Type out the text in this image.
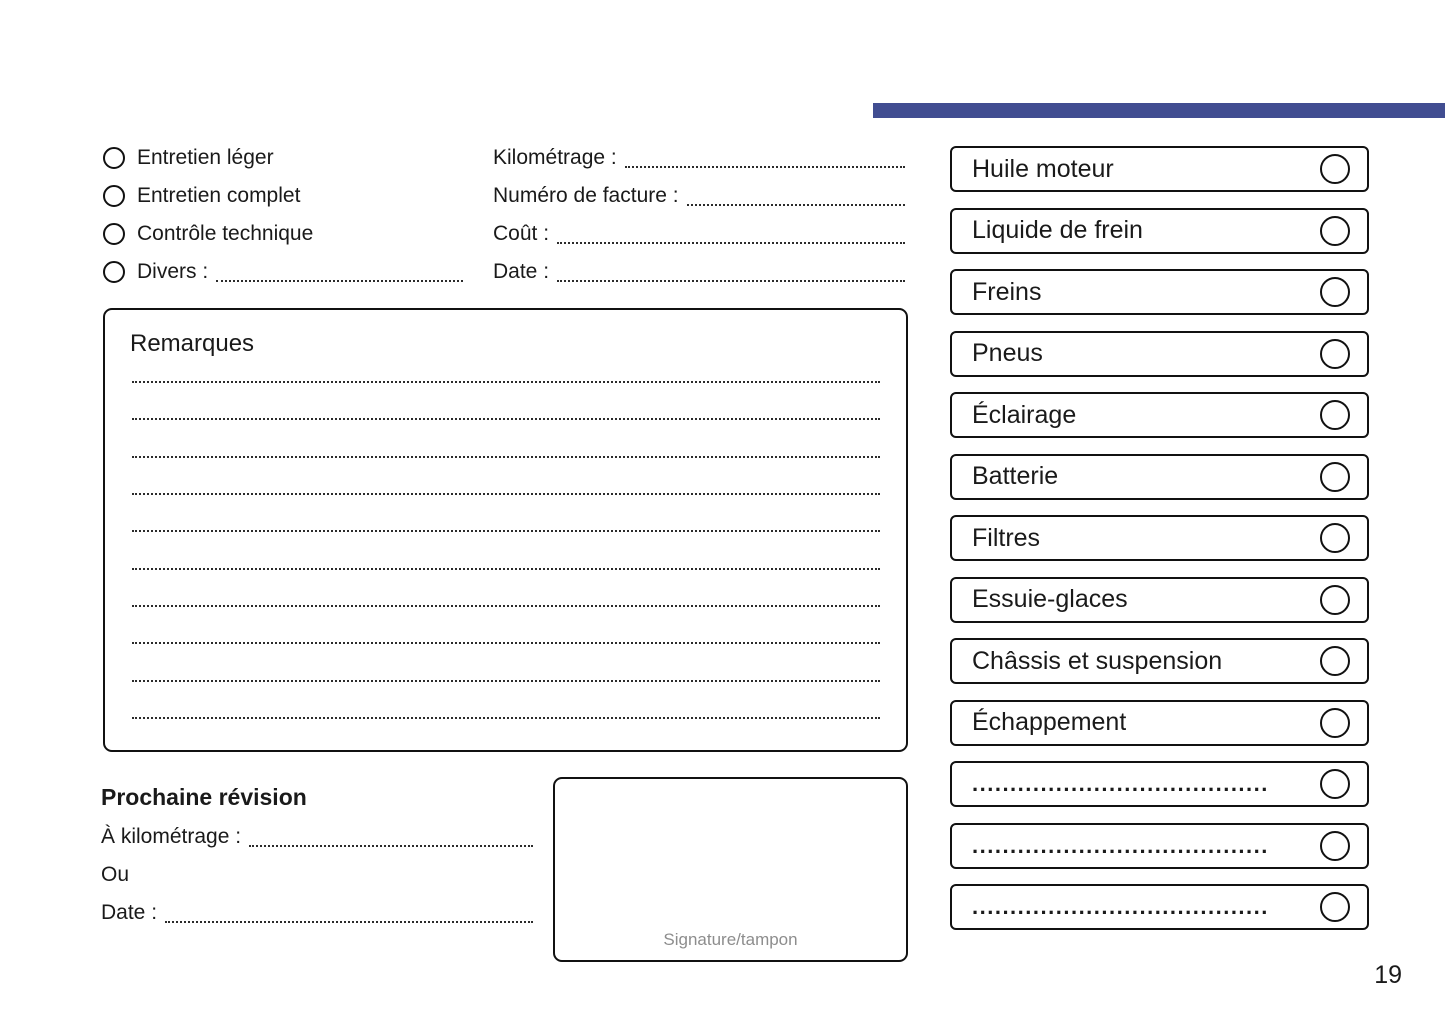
Entretien léger
Entretien complet
Contrôle technique
Divers :
Kilométrage :
Numéro de facture :
Coût :
Date :
Remarques
Prochaine révision
À kilométrage :
Ou
Date :
Signature/tampon
Huile moteur
Liquide de frein
Freins
Pneus
Éclairage
Batterie
Filtres
Essuie-glaces
Châssis et suspension
Échappement
.......................................
.......................................
.......................................
19
